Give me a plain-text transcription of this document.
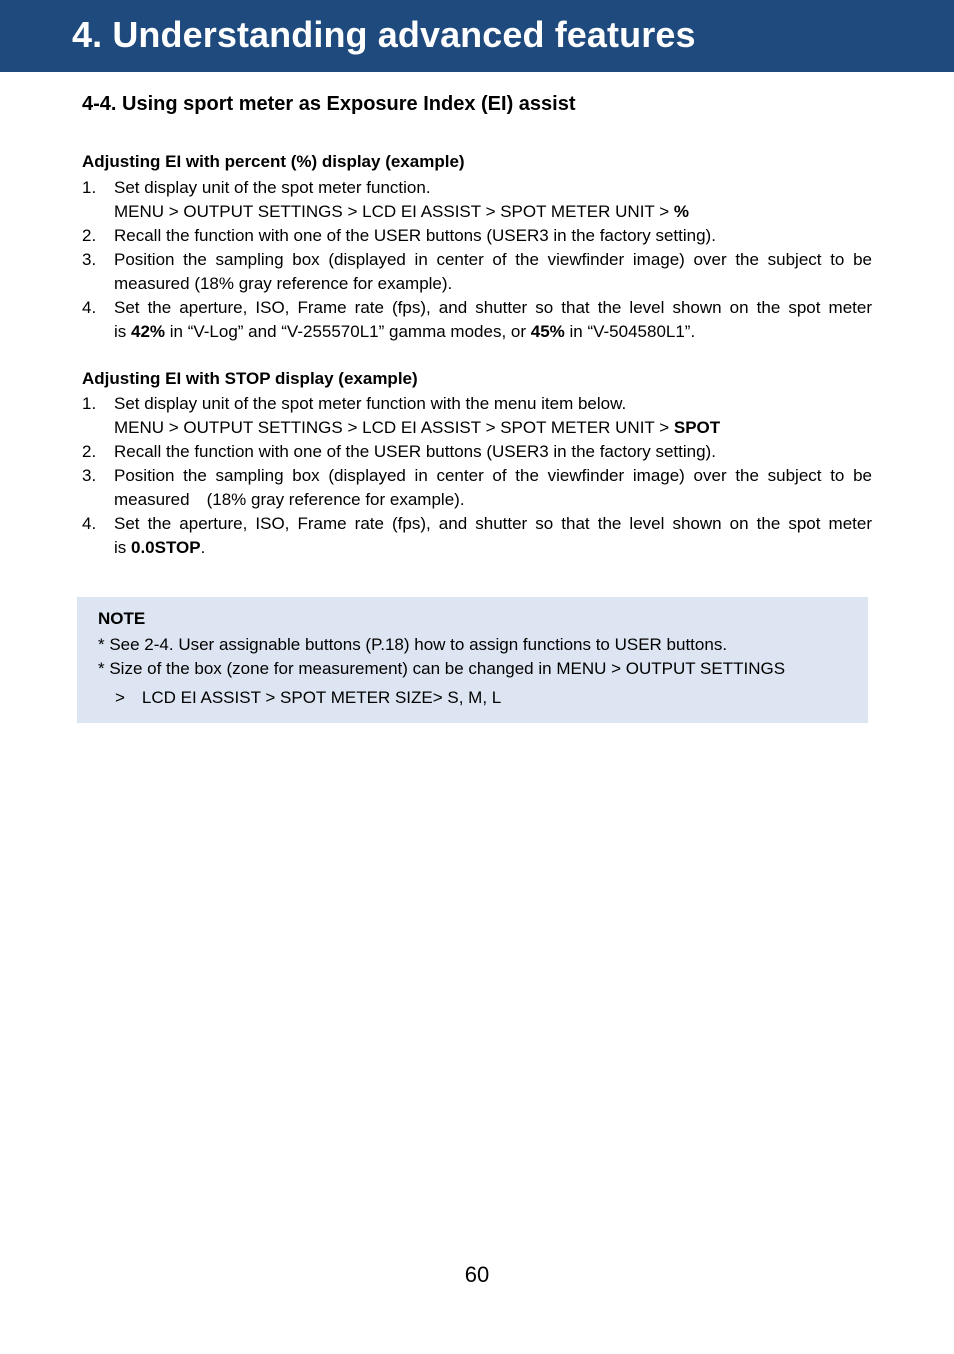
4. Understanding advanced features
4-4. Using sport meter as Exposure Index (EI) assist
Adjusting EI with percent (%) display (example)
1. Set display unit of the spot meter function.
MENU > OUTPUT SETTINGS > LCD EI ASSIST > SPOT METER UNIT > %
2. Recall the function with one of the USER buttons (USER3 in the factory setting).
3. Position the sampling box (displayed in center of the viewfinder image) over the subject to be
measured (18% gray reference for example).
4. Set the aperture, ISO, Frame rate (fps), and shutter so that the level shown on the spot meter
is 42% in “V-Log” and “V-255570L1” gamma modes, or 45% in “V-504580L1”.
Adjusting EI with STOP display (example)
1. Set display unit of the spot meter function with the menu item below.
MENU > OUTPUT SETTINGS > LCD EI ASSIST > SPOT METER UNIT > SPOT
2. Recall the function with one of the USER buttons (USER3 in the factory setting).
3. Position the sampling box (displayed in center of the viewfinder image) over the subject to be
measured　(18% gray reference for example).
4. Set the aperture, ISO, Frame rate (fps), and shutter so that the level shown on the spot meter
is 0.0STOP.
NOTE
* See 2-4. User assignable buttons (P.18) how to assign functions to USER buttons.
* Size of the box (zone for measurement) can be changed in MENU > OUTPUT SETTINGS
　>　LCD EI ASSIST > SPOT METER SIZE> S, M, L
60
